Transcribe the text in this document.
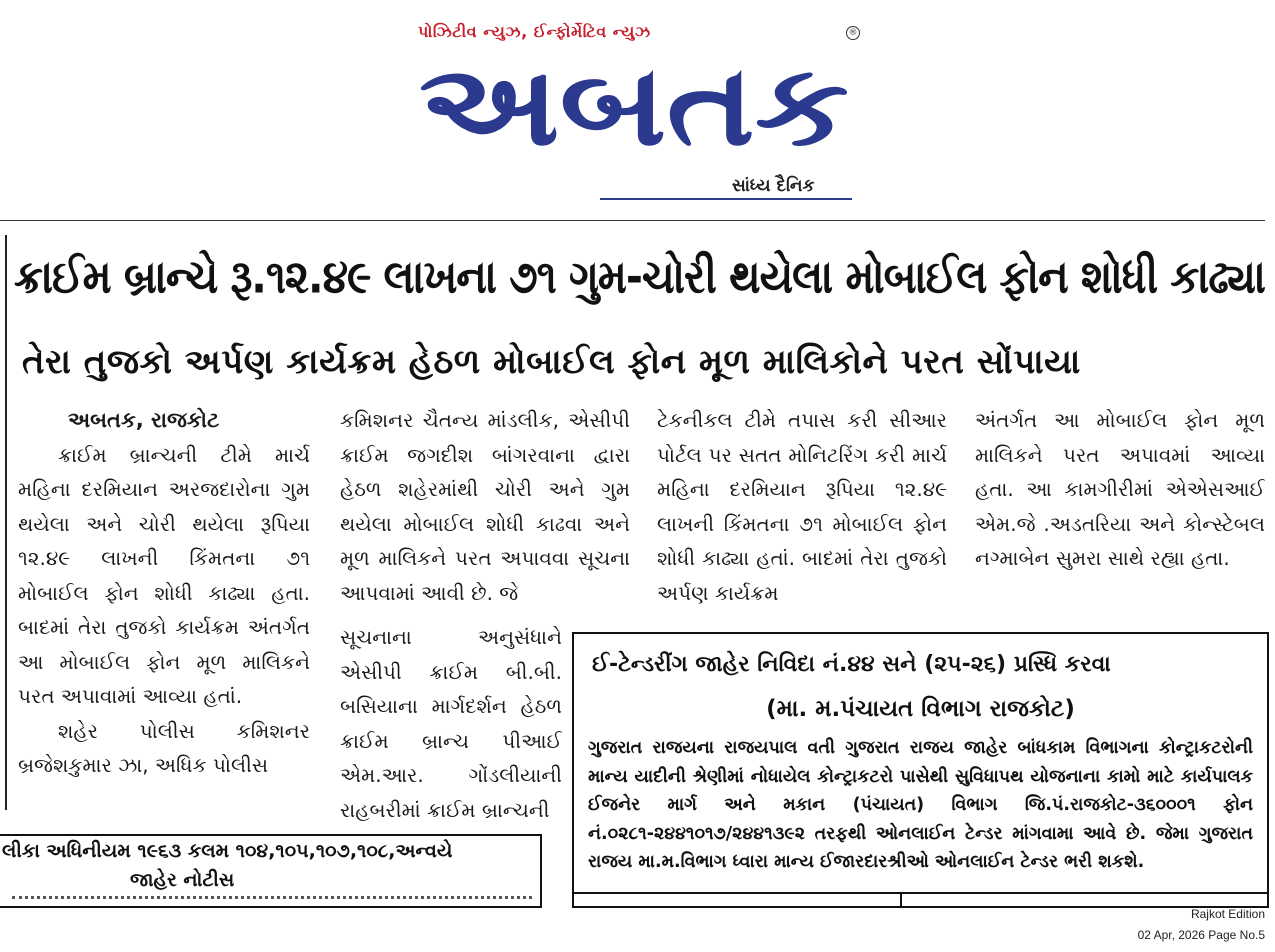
પોઝિટીવ ન્યુઝ, ઈન્ફોર્મેટિવ ન્યુઝ	®
અબતક
સાંધ્ય દૈનિક
ક્રાઈમ બ્રાન્ચે રૂ.૧૨.૪૯ લાખના ૭૧ ગુમ-ચોરી થયેલા મોબાઈલ ફોન શોધી કાઢ્યા
તેરા તુજકો અર્પણ કાર્યક્રમ હેઠળ મોબાઈલ ફોન મૂળ માલિકોને પરત સોંપાયા

અબતક, રાજકોટ

ક્રાઈમ બ્રાન્ચની ટીમે માર્ચ મહિના દરમિયાન અરજદારોના ગુમ થયેલા અને ચોરી થયેલા રૂપિયા ૧૨.૪૯ લાખની કિંમતના ૭૧ મોબાઈલ ફોન શોધી કાઢ્યા હતા. બાદમાં તેરા તુજકો કાર્યક્રમ અંતર્ગત આ મોબાઈલ ફોન મૂળ માલિકને પરત અપાવામાં આવ્યા હતાં.

શહેર પોલીસ કમિશનર બ્રજેશકુમાર ઝા, અધિક પોલીસ

કમિશનર ચૈતન્ય માંડલીક, એસીપી ક્રાઈમ જગદીશ બાંગરવાના દ્વારા હેઠળ શહેરમાંથી ચોરી અને ગુમ થયેલા મોબાઈલ શોધી કાઢવા અને મૂળ માલિકને પરત અપાવવા સૂચના આપવામાં આવી છે. જે

સૂચનાના અનુસંધાને એસીપી ક્રાઈમ બી.બી. બસિયાના માર્ગદર્શન હેઠળ ક્રાઈમ બ્રાન્ચ પીઆઈ એમ.આર. ગોંડલીયાની રાહબરીમાં ક્રાઈમ બ્રાન્ચની

ટેકનીકલ ટીમે તપાસ કરી સીઆર પોર્ટલ પર સતત મોનિટરિંગ કરી માર્ચ મહિના દરમિયાન રૂપિયા ૧૨.૪૯ લાખની કિંમતના ૭૧ મોબાઈલ ફોન શોધી કાઢ્યા હતાં. બાદમાં તેરા તુજકો અર્પણ કાર્યક્રમ

અંતર્ગત આ મોબાઈલ ફોન મૂળ માલિકને પરત અપાવમાં આવ્યા હતા. આ કામગીરીમાં એએસઆઈ એમ.જે .અડતરિયા અને કોન્સ્ટેબલ નગ્માબેન સુમરા સાથે રહ્યા હતા.

ઈ-ટેન્ડરીંગ જાહેર નિવિદા નં.૪૪ સને (૨૫-૨૬) પ્રસ્ધિ કરવા
(મા. મ.પંચાયત વિભાગ રાજકોટ)
ગુજરાત રાજયના રાજયપાલ વતી ગુજરાત રાજય જાહેર બાંધકામ વિભાગના કોન્ટ્રાકટરોની માન્ય યાદીની શ્રેણીમાં નોધાયેલ કોન્ટ્રાકટરો પાસેથી સુવિધાપથ યોજનાના કામો માટે કાર્યપાલક ઈજનેર માર્ગ અને મકાન (પંચાયત) વિભાગ જિ.પં.રાજકોટ-૩૬૦૦૦૧ ફોન નં.૦૨૮૧-૨૪૪૧૦૧૭/૨૪૪૧૩૯૨ તરફથી ઓનલાઈન ટેન્ડર માંગવામા આવે છે. જેમા ગુજરાત રાજય મા.મ.વિભાગ ધ્વારા માન્ય ઈજારદારશ્રીઓ ઓનલાઈન ટેન્ડર ભરી શકશે.
લીકા અધિનીયમ ૧૯૬૩ કલમ ૧૦૪,૧૦૫,૧૦૭,૧૦૮,અન્વયે
જાહેર નોટીસ
Rajkot Edition
02 Apr, 2026 Page No.5
